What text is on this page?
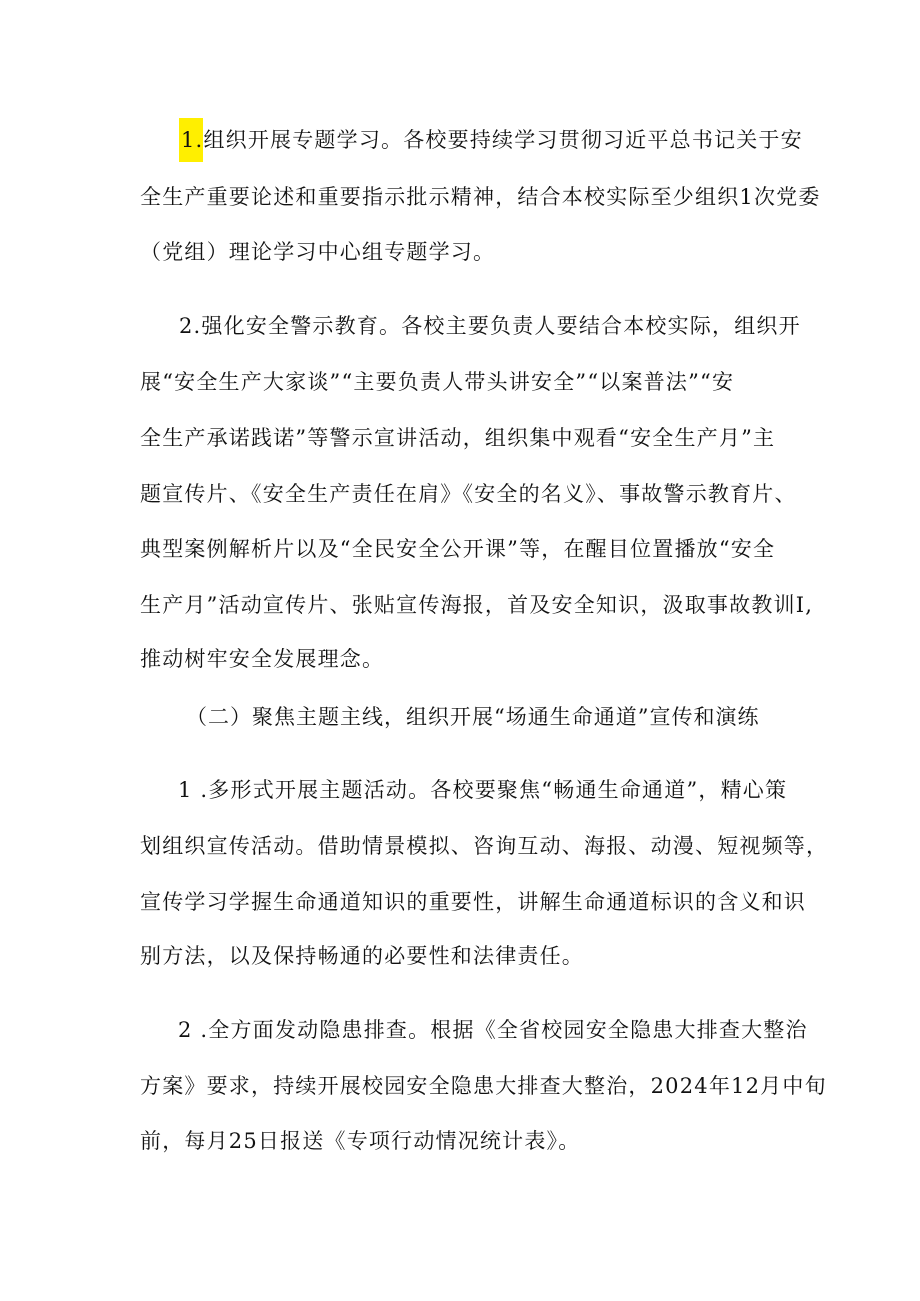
1.组织开展专题学习。各校要持续学习贯彻习近平总书记关于安
全生产重要论述和重要指示批示精神，结合本校实际至少组织1次党委
（党组）理论学习中心组专题学习。
2.强化安全警示教育。各校主要负责人要结合本校实际，组织开
展“安全生产大家谈”“主要负责人带头讲安全”“以案普法”“安
全生产承诺践诺”等警示宣讲活动，组织集中观看“安全生产月”主
题宣传片、《安全生产责任在肩》《安全的名义》、事故警示教育片、
典型案例解析片以及“全民安全公开课”等，在醒目位置播放“安全
生产月”活动宣传片、张贴宣传海报，首及安全知识，汲取事故教训I,
推动树牢安全发展理念。
（二）聚焦主题主线，组织开展“场通生命通道”宣传和演练
1 .多形式开展主题活动。各校要聚焦“畅通生命通道”，精心策
划组织宣传活动。借助情景模拟、咨询互动、海报、动漫、短视频等，
宣传学习学握生命通道知识的重要性，讲解生命通道标识的含义和识
别方法，以及保持畅通的必要性和法律责任。
2 .全方面发动隐患排查。根据《全省校园安全隐患大排查大整治
方案》要求，持续开展校园安全隐患大排查大整治，2024年12月中旬
前，每月25日报送《专项行动情况统计表》。
